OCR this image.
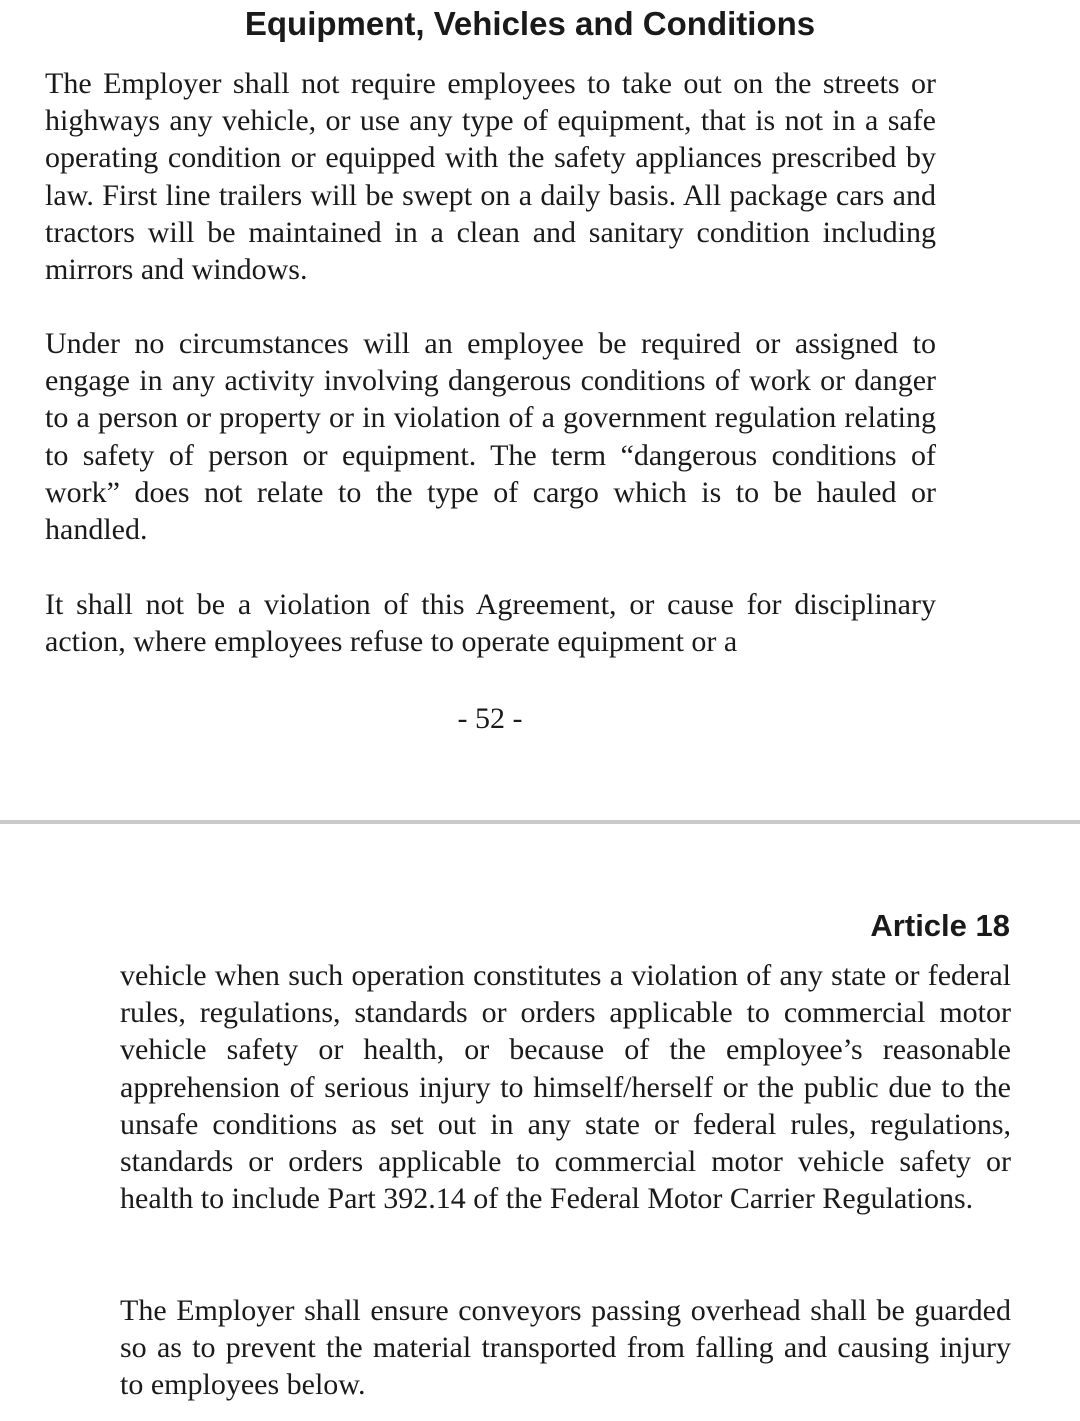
Equipment, Vehicles and Conditions

The Employer shall not require employees to take out on the streets or highways any vehicle, or use any type of equipment, that is not in a safe operating condition or equipped with the safety appliances prescribed by law. First line trailers will be swept on a daily basis. All package cars and tractors will be maintained in a clean and sanitary condition including mirrors and windows.

Under no circumstances will an employee be required or assigned to engage in any activity involving dangerous conditions of work or danger to a person or property or in violation of a government regulation relating to safety of person or equipment. The term “dangerous conditions of work” does not relate to the type of cargo which is to be hauled or handled.

It shall not be a violation of this Agreement, or cause for disciplinary action, where employees refuse to operate equipment or a

- 52 -
Article 18

vehicle when such operation constitutes a violation of any state or federal rules, regulations, standards or orders applicable to commercial motor vehicle safety or health, or because of the employee’s reasonable apprehension of serious injury to himself/herself or the public due to the unsafe conditions as set out in any state or federal rules, regulations, standards or orders applicable to commercial motor vehicle safety or health to include Part 392.14 of the Federal Motor Carrier Regulations.

The Employer shall ensure conveyors passing overhead shall be guarded so as to prevent the material transported from falling and causing injury to employees below.
